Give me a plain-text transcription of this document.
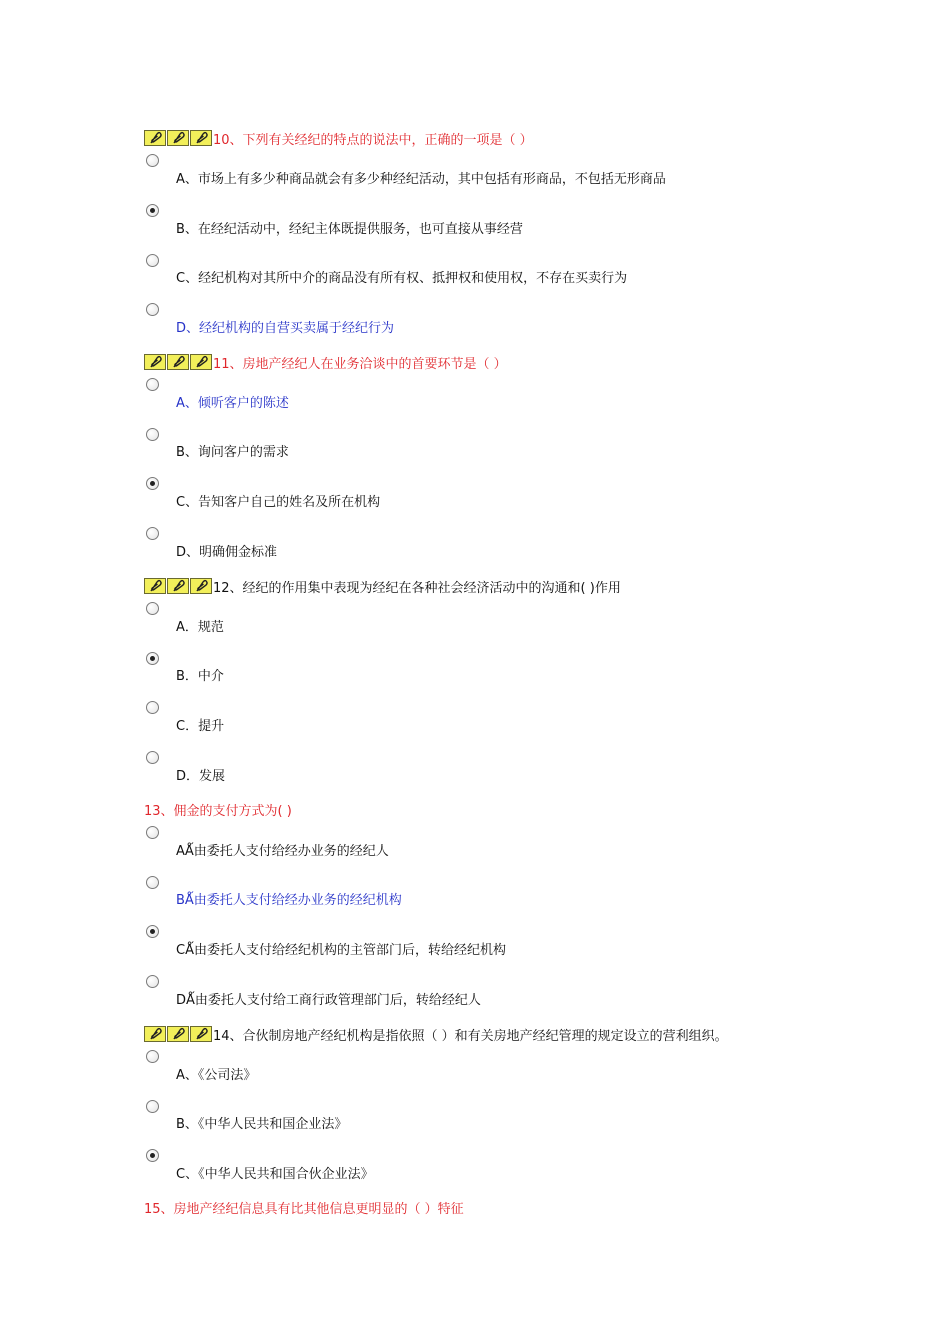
10、下列有关经纪的特点的说法中，正确的一项是（ ）
A、市场上有多少种商品就会有多少种经纪活动，其中包括有形商品，不包括无形商品
B、在经纪活动中，经纪主体既提供服务，也可直接从事经营
C、经纪机构对其所中介的商品没有所有权、抵押权和使用权，不存在买卖行为
D、经纪机构的自营买卖属于经纪行为
11、房地产经纪人在业务洽谈中的首要环节是（ ）
A、倾听客户的陈述
B、询问客户的需求
C、告知客户自己的姓名及所在机构
D、明确佣金标准
12、经纪的作用集中表现为经纪在各种社会经济活动中的沟通和( )作用
A．规范
B．中介
C．提升
D．发展
13、佣金的支付方式为( )
AǺ由委托人支付给经办业务的经纪人
BǺ由委托人支付给经办业务的经纪机构
CǺ由委托人支付给经纪机构的主管部门后，转给经纪机构
DǺ由委托人支付给工商行政管理部门后，转给经纪人
14、合伙制房地产经纪机构是指依照（ ）和有关房地产经纪管理的规定设立的营利组织。
A、《公司法》
B、《中华人民共和国企业法》
C、《中华人民共和国合伙企业法》
15、房地产经纪信息具有比其他信息更明显的（ ）特征
